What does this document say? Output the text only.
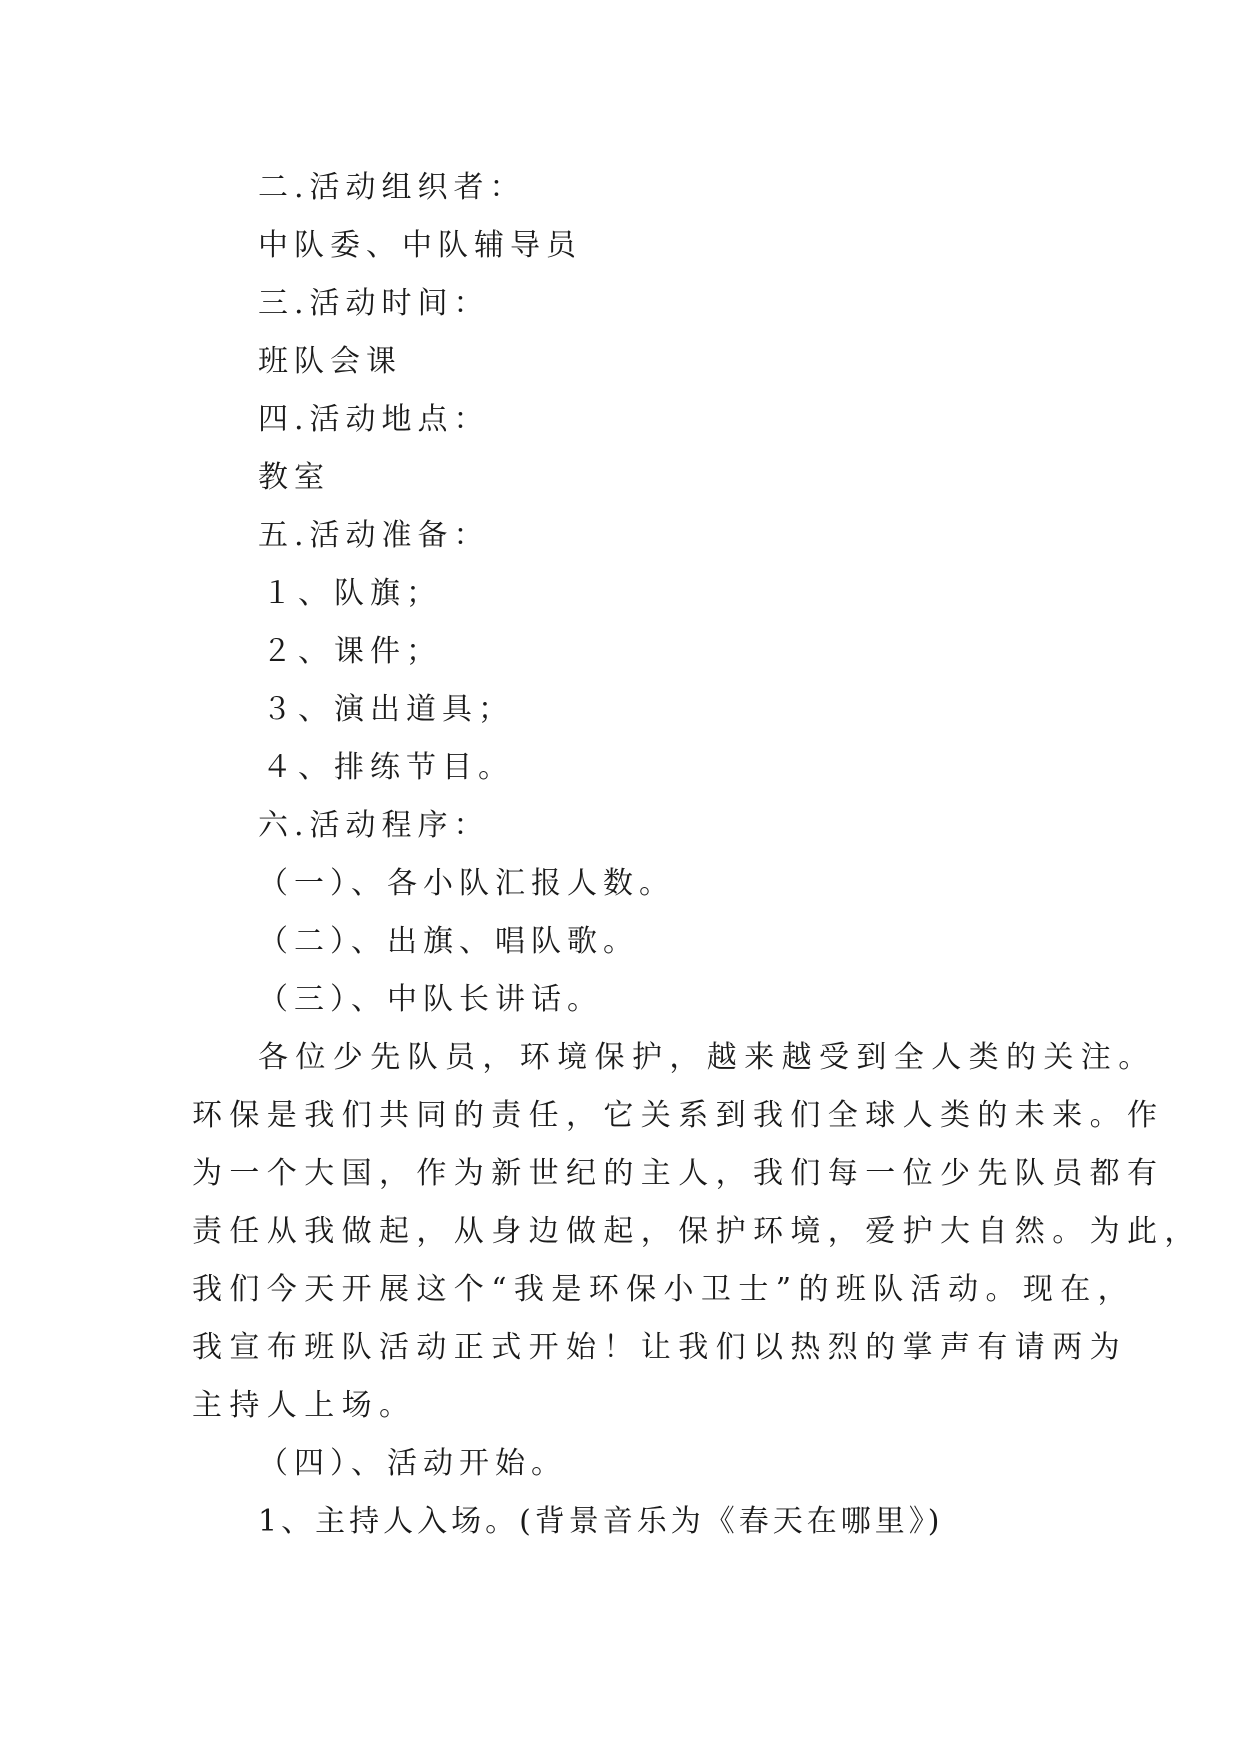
二.活动组织者：
中队委、中队辅导员
三.活动时间：
班队会课
四.活动地点：
教室
五.活动准备：
１、队旗；
２、课件；
３、演出道具；
４、排练节目。
六.活动程序：
（一）、各小队汇报人数。
（二）、出旗、唱队歌。
（三）、中队长讲话。
各位少先队员，环境保护，越来越受到全人类的关注。
环保是我们共同的责任，它关系到我们全球人类的未来。作
为一个大国，作为新世纪的主人，我们每一位少先队员都有
责任从我做起，从身边做起，保护环境，爱护大自然。为此，
我们今天开展这个“我是环保小卫士”的班队活动。现在，
我宣布班队活动正式开始！让我们以热烈的掌声有请两为
主持人上场。
（四）、活动开始。
1、主持人入场。(背景音乐为《春天在哪里》)
